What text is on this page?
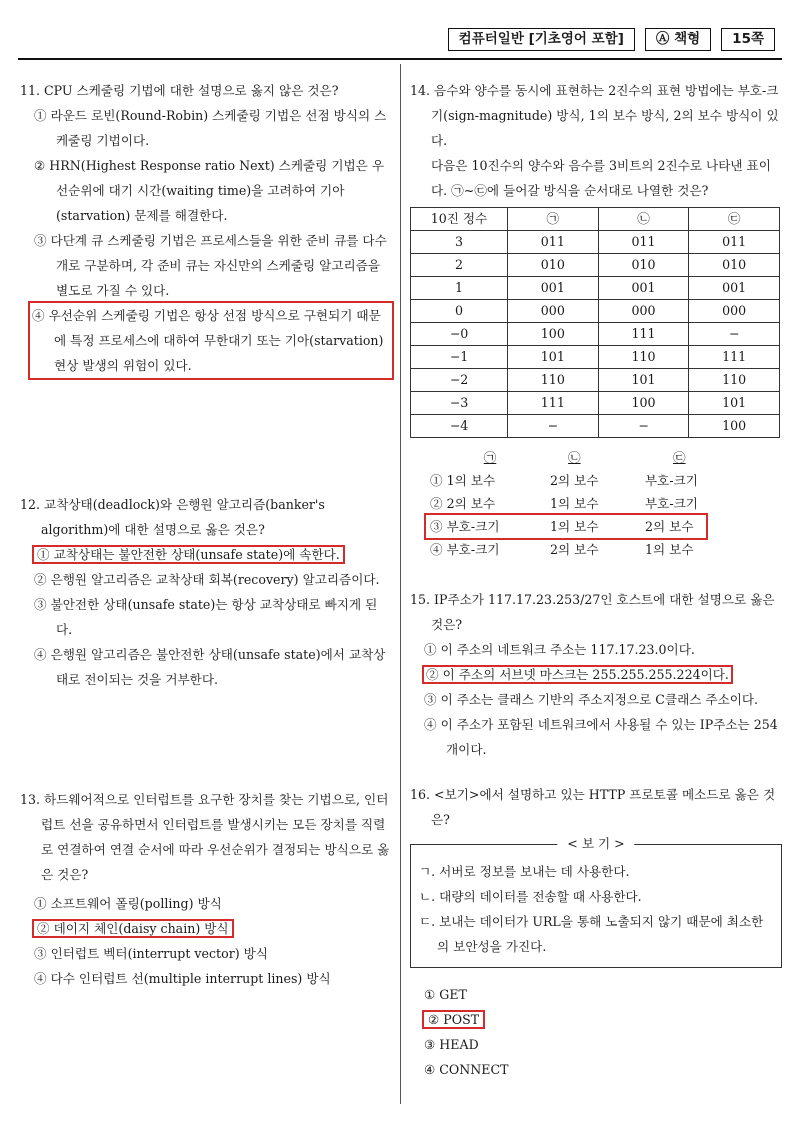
컴퓨터일반 [기초영어 포함]	Ⓐ 책형	15쪽
11. CPU 스케줄링 기법에 대한 설명으로 옳지 않은 것은?
① 라운드 로빈(Round-Robin) 스케줄링 기법은 선점 방식의 스케줄링 기법이다.
② HRN(Highest Response ratio Next) 스케줄링 기법은 우선순위에 대기 시간(waiting time)을 고려하여 기아(starvation) 문제를 해결한다.
③ 다단계 큐 스케줄링 기법은 프로세스들을 위한 준비 큐를 다수 개로 구분하며, 각 준비 큐는 자신만의 스케줄링 알고리즘을 별도로 가질 수 있다.
④ 우선순위 스케줄링 기법은 항상 선점 방식으로 구현되기 때문에 특정 프로세스에 대하여 무한대기 또는 기아(starvation) 현상 발생의 위험이 있다.
12. 교착상태(deadlock)와 은행원 알고리즘(banker's algorithm)에 대한 설명으로 옳은 것은?
① 교착상태는 불안전한 상태(unsafe state)에 속한다.
② 은행원 알고리즘은 교착상태 회복(recovery) 알고리즘이다.
③ 불안전한 상태(unsafe state)는 항상 교착상태로 빠지게 된다.
④ 은행원 알고리즘은 불안전한 상태(unsafe state)에서 교착상태로 전이되는 것을 거부한다.
13. 하드웨어적으로 인터럽트를 요구한 장치를 찾는 기법으로, 인터럽트 선을 공유하면서 인터럽트를 발생시키는 모든 장치를 직렬로 연결하여 연결 순서에 따라 우선순위가 결정되는 방식으로 옳은 것은?
① 소프트웨어 폴링(polling) 방식
② 데이지 체인(daisy chain) 방식
③ 인터럽트 벡터(interrupt vector) 방식
④ 다수 인터럽트 선(multiple interrupt lines) 방식
14. 음수와 양수를 동시에 표현하는 2진수의 표현 방법에는 부호-크기(sign-magnitude) 방식, 1의 보수 방식, 2의 보수 방식이 있다.
다음은 10진수의 양수와 음수를 3비트의 2진수로 나타낸 표이다. ㉠~㉢에 들어갈 방식을 순서대로 나열한 것은?
10진 정수	㉠	㉡	㉢
3	011	011	011
2	010	010	010
1	001	001	001
0	000	000	000
−0	100	111	−
−1	101	110	111
−2	110	101	110
−3	111	100	101
−4	−	−	100
㉠	㉡	㉢
① 1의 보수	2의 보수	부호-크기
② 2의 보수	1의 보수	부호-크기
③ 부호-크기	1의 보수	2의 보수
④ 부호-크기	2의 보수	1의 보수
15. IP주소가 117.17.23.253/27인 호스트에 대한 설명으로 옳은 것은?
① 이 주소의 네트워크 주소는 117.17.23.0이다.
② 이 주소의 서브넷 마스크는 255.255.255.224이다.
③ 이 주소는 클래스 기반의 주소지정으로 C클래스 주소이다.
④ 이 주소가 포함된 네트워크에서 사용될 수 있는 IP주소는 254개이다.
16. <보기>에서 설명하고 있는 HTTP 프로토콜 메소드로 옳은 것은?
< 보 기 >
ㄱ. 서버로 정보를 보내는 데 사용한다.
ㄴ. 대량의 데이터를 전송할 때 사용한다.
ㄷ. 보내는 데이터가 URL을 통해 노출되지 않기 때문에 최소한의 보안성을 가진다.
① GET
② POST
③ HEAD
④ CONNECT
